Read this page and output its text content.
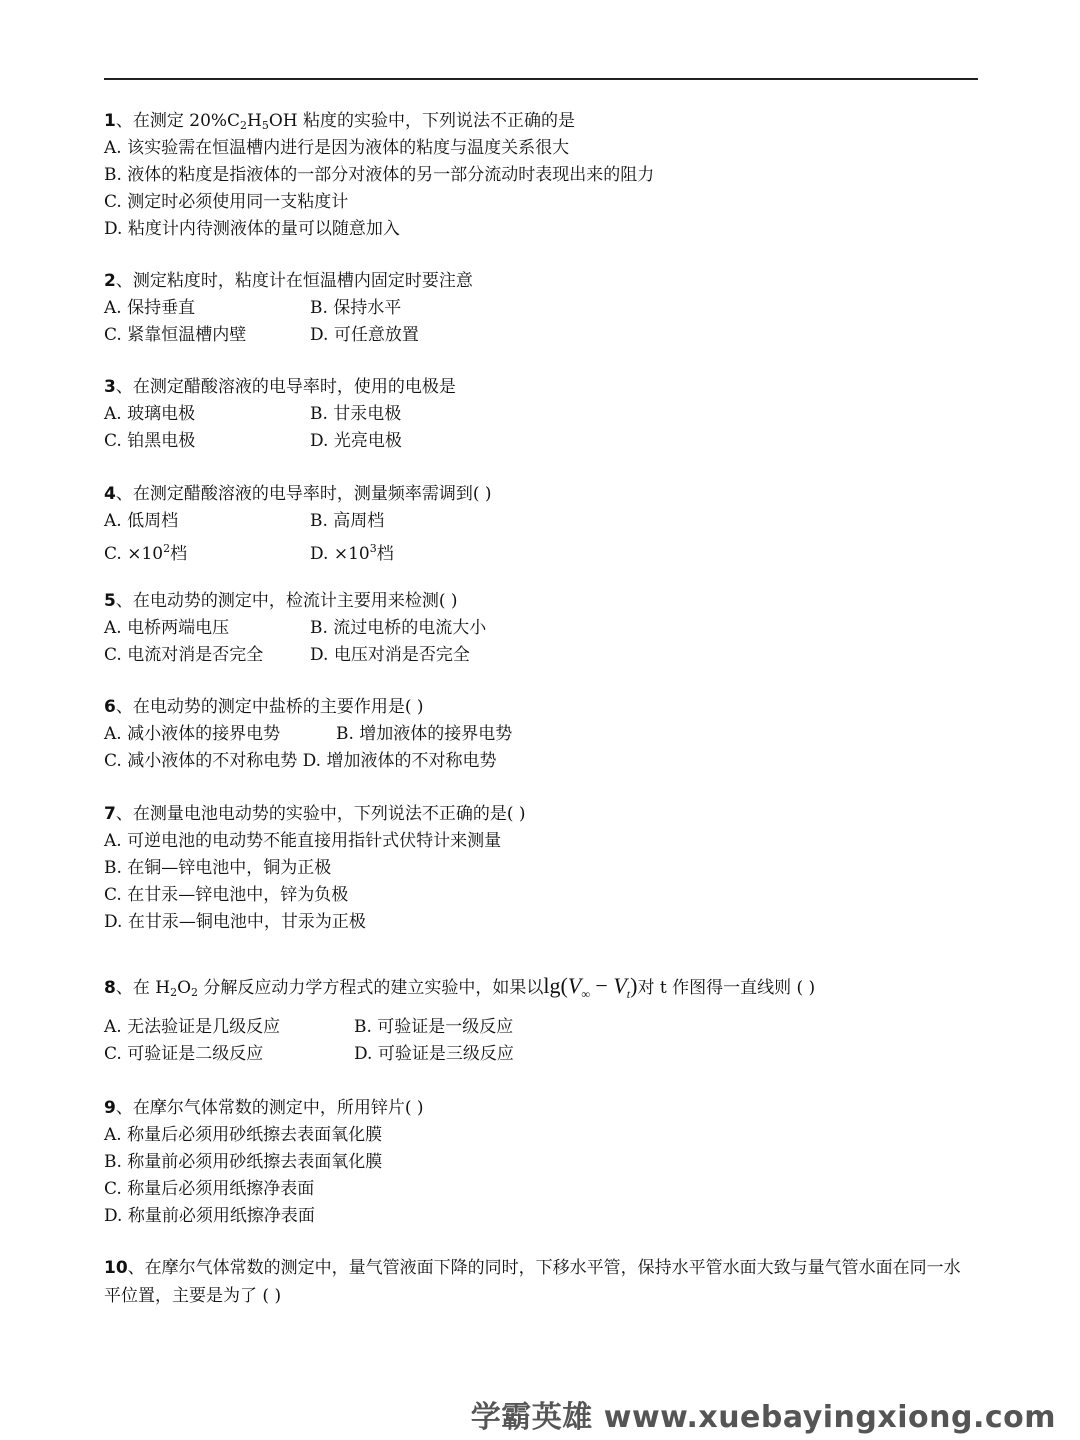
1、在测定 $20\%C_2H_5OH$ 粘度的实验中，下列说法不正确的是
A. 该实验需在恒温槽内进行是因为液体的粘度与温度关系很大
B. 液体的粘度是指液体的一部分对液体的另一部分流动时表现出来的阻力
C. 测定时必须使用同一支粘度计
D. 粘度计内待测液体的量可以随意加入
2、测定粘度时，粘度计在恒温槽内固定时要注意
A. 保持垂直	B. 保持水平
C. 紧靠恒温槽内壁	D. 可任意放置
3、在测定醋酸溶液的电导率时，使用的电极是
A. 玻璃电极	B. 甘汞电极
C. 铂黑电极	D. 光亮电极
4、在测定醋酸溶液的电导率时，测量频率需调到( )
A. 低周档	B. 高周档
C. $\times 10^2$档	D. $\times 10^3$档
5、在电动势的测定中，检流计主要用来检测( )
A. 电桥两端电压	B. 流过电桥的电流大小
C. 电流对消是否完全	D. 电压对消是否完全
6、在电动势的测定中盐桥的主要作用是( )
A. 减小液体的接界电势	B. 增加液体的接界电势
C. 减小液体的不对称电势 D. 增加液体的不对称电势
7、在测量电池电动势的实验中，下列说法不正确的是( )
A. 可逆电池的电动势不能直接用指针式伏特计来测量
B. 在铜—锌电池中，铜为正极
C. 在甘汞—锌电池中，锌为负极
D. 在甘汞—铜电池中，甘汞为正极
8、在 $H_2O_2$ 分解反应动力学方程式的建立实验中，如果以$\lg(V_\infty - V_t)$对 t 作图得一直线则 ( )
A. 无法验证是几级反应	B. 可验证是一级反应
C. 可验证是二级反应	D. 可验证是三级反应
9、在摩尔气体常数的测定中，所用锌片( )
A. 称量后必须用砂纸擦去表面氧化膜
B. 称量前必须用砂纸擦去表面氧化膜
C. 称量后必须用纸擦净表面
D. 称量前必须用纸擦净表面
10、在摩尔气体常数的测定中，量气管液面下降的同时，下移水平管，保持水平管水面大致与量气管水面在同一水平位置，主要是为了 ( )
学霸英雄 www.xuebayingxiong.com
